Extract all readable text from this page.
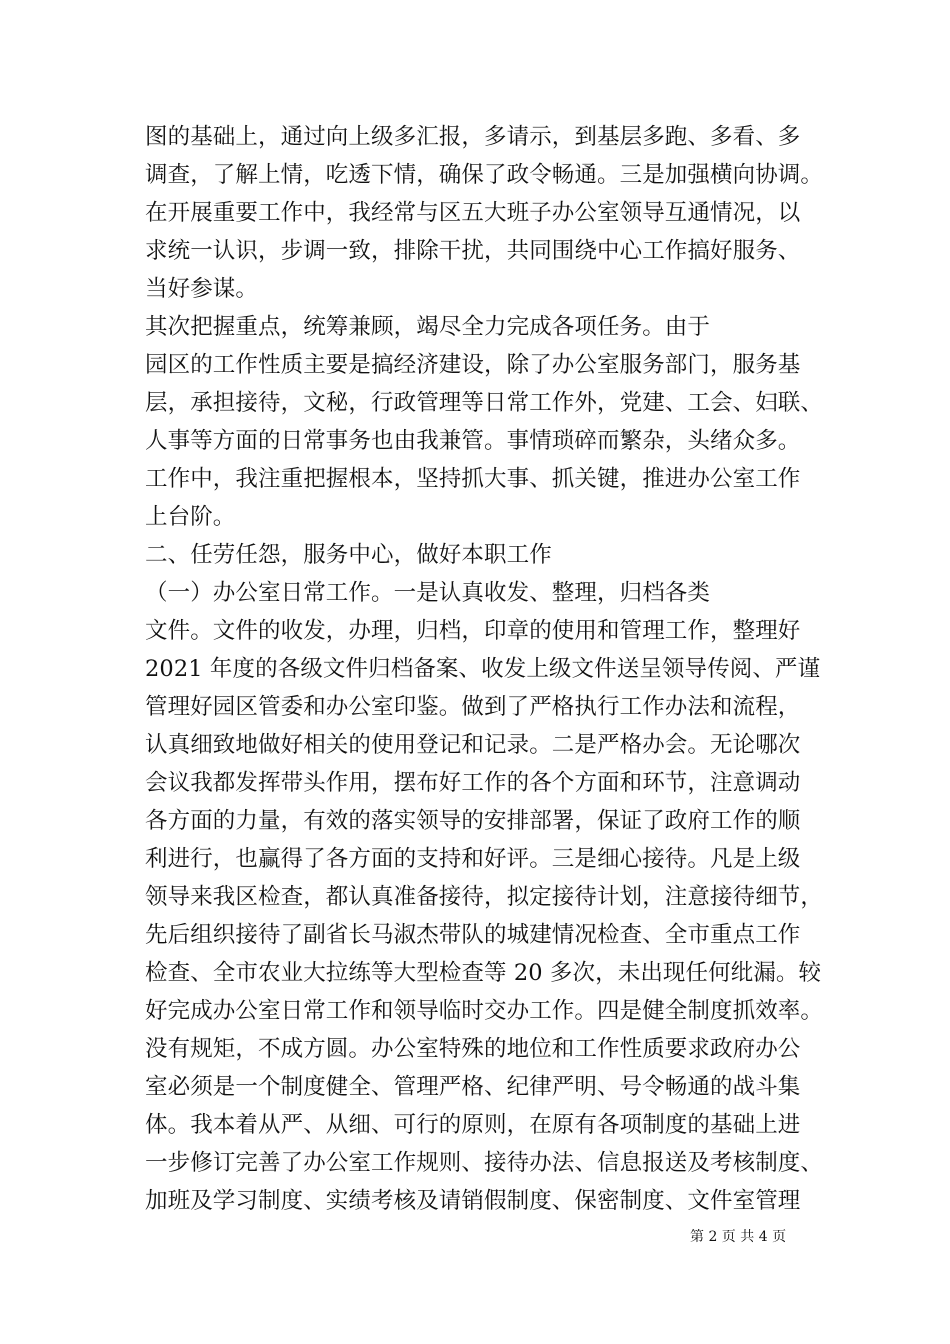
图的基础上，通过向上级多汇报，多请示，到基层多跑、多看、多
调查，了解上情，吃透下情，确保了政令畅通。三是加强横向协调。
在开展重要工作中，我经常与区五大班子办公室领导互通情况，以
求统一认识，步调一致，排除干扰，共同围绕中心工作搞好服务、
当好参谋。
其次把握重点，统筹兼顾，竭尽全力完成各项任务。由于
园区的工作性质主要是搞经济建设，除了办公室服务部门，服务基
层，承担接待，文秘，行政管理等日常工作外，党建、工会、妇联、
人事等方面的日常事务也由我兼管。事情琐碎而繁杂，头绪众多。
工作中，我注重把握根本，坚持抓大事、抓关键，推进办公室工作
上台阶。
二、任劳任怨，服务中心，做好本职工作
（一）办公室日常工作。一是认真收发、整理，归档各类
文件。文件的收发，办理，归档，印章的使用和管理工作，整理好
2021 年度的各级文件归档备案、收发上级文件送呈领导传阅、严谨
管理好园区管委和办公室印鉴。做到了严格执行工作办法和流程，
认真细致地做好相关的使用登记和记录。二是严格办会。无论哪次
会议我都发挥带头作用，摆布好工作的各个方面和环节，注意调动
各方面的力量，有效的落实领导的安排部署，保证了政府工作的顺
利进行，也赢得了各方面的支持和好评。三是细心接待。凡是上级
领导来我区检查，都认真准备接待，拟定接待计划，注意接待细节，
先后组织接待了副省长马淑杰带队的城建情况检查、全市重点工作
检查、全市农业大拉练等大型检查等 20 多次，未出现任何纰漏。较
好完成办公室日常工作和领导临时交办工作。四是健全制度抓效率。
没有规矩，不成方圆。办公室特殊的地位和工作性质要求政府办公
室必须是一个制度健全、管理严格、纪律严明、号令畅通的战斗集
体。我本着从严、从细、可行的原则，在原有各项制度的基础上进
一步修订完善了办公室工作规则、接待办法、信息报送及考核制度、
加班及学习制度、实绩考核及请销假制度、保密制度、文件室管理
第 2 页 共 4 页
